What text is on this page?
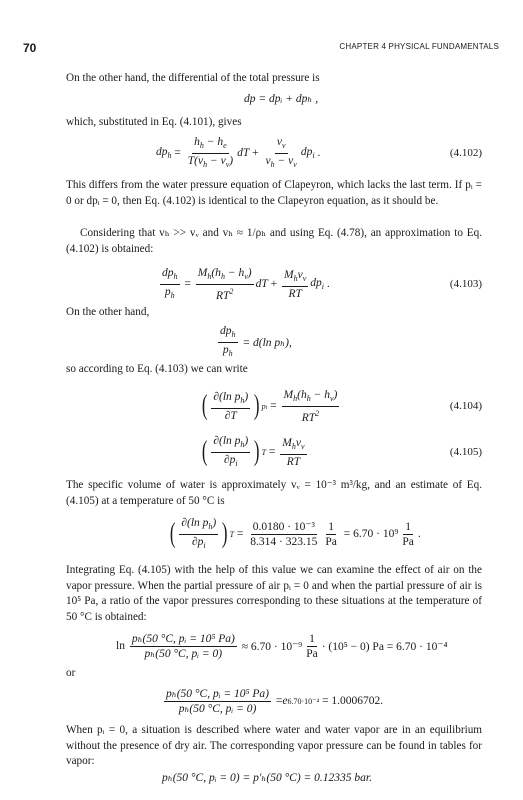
70	CHAPTER 4 PHYSICAL FUNDAMENTALS

On the other hand, the differential of the total pressure is

dp = dpᵢ + dpₕ ,

which, substituted in Eq. (4.101), gives

$dp_h = \frac{h_h - h_e}{T(v_h - v_v)}$ dT + $\frac{v_v}{v_h - v_v} dp_i$ .	(4.102)

This differs from the water pressure equation of Clapeyron, which lacks the last term. If pᵢ = 0 or dpᵢ = 0, then Eq. (4.102) is identical to the Clapeyron equation, as it should be.

Considering that vₕ >> vᵥ and vₕ ≈ 1/ρₕ and using Eq. (4.78), an approximation to Eq. (4.102) is obtained:

$\frac{dp_h}{p_h} = \frac{M_h(h_h - h_v)}{RT^2}$ dT + $\frac{M_hv_v}{RT} dp_i$ .	(4.103)

On the other hand,

$\frac{dp_h}{p_h}$
= d(ln pₕ),

so according to Eq. (4.103) we can write

( $\frac{\partial(\ln p_h)}{\partial T}$ ) pi = $\frac{M_h(h_h - h_v)}{RT^2}$	(4.104)
( $\frac{\partial(\ln p_h)}{\partial p_i}$ ) $T = \frac{M_hv_v}{RT}$	(4.105)

The specific volume of water is approximately vᵥ = 10⁻³ m³/kg, and an estimate of Eq. (4.105) at a temperature of 50 °C is

( $\frac{\partial(\ln p_h)}{\partial p_i}$ ) $T = \frac{\text{0.0180 · 10⁻³}}{8.314 \cdot 323.15} \frac{1}{Pa}$
= $6.70 \cdot 10^9 \frac{1}{Pa}$ .

Integrating Eq. (4.105) with the help of this value we can examine the effect of air on the vapor pressure. When the partial pressure of air pᵢ = 0 and when the partial pressure of air is 10⁵ Pa, a ratio of the vapor pressures corresponding to these situations at the temperature of 50 °C is obtained:

$\ln \frac{\text{pₕ(50 °C, pᵢ = 10⁵ Pa)}}{\text{pₕ(50 °C, pᵢ = 0)}}$
≈ $6.70 \cdot 10^{-9} \frac{1}{Pa} \cdot (10^5 - 0) Pa = 6.70 \cdot 10^{-4}$

or

$\frac{\text{pₕ(50 °C, pᵢ = 10⁵ Pa)}}{\text{pₕ(50 °C, pᵢ = 0)}} = e$ 6.70·10⁻⁴
= 1.0006702.

When pᵢ = 0, a situation is described where water and water vapor are in an equilibrium without the presence of dry air. The corresponding vapor pressure can be found in tables for vapor:

pₕ(50 °C, pᵢ = 0) = p′ₕ(50 °C) = 0.12335 bar.
